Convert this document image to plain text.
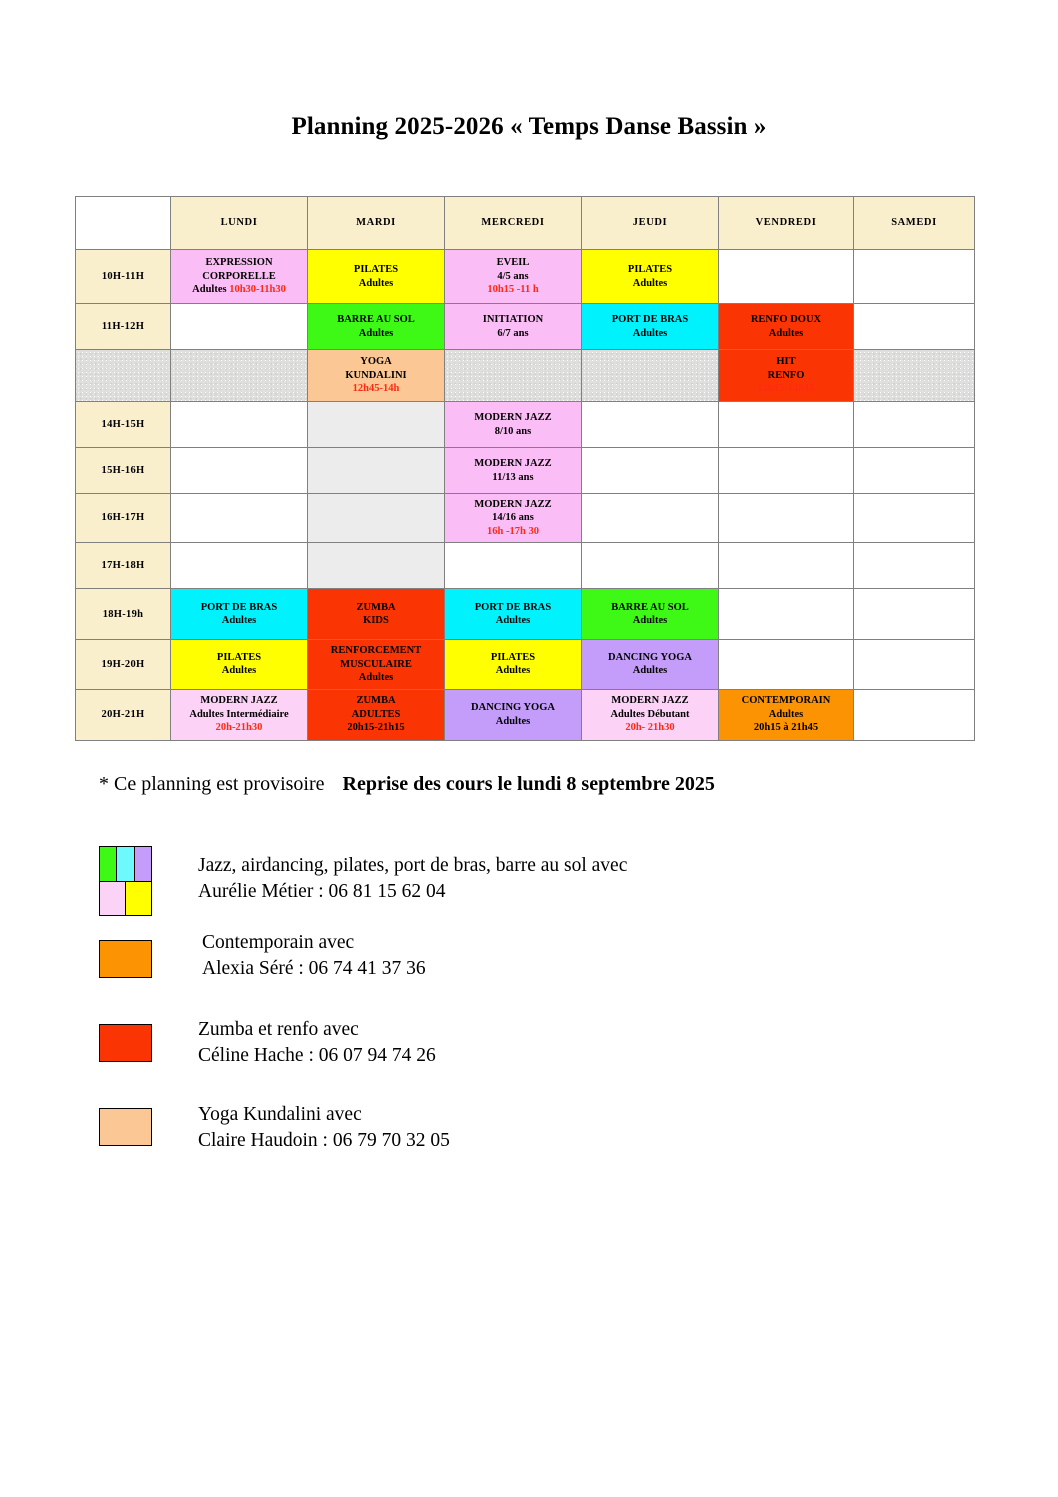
Planning 2025-2026 « Temps Danse Bassin »
	LUNDI	MARDI	MERCREDI	JEUDI	VENDREDI	SAMEDI
10H-11H	EXPRESSION
CORPORELLE
Adultes 10h30-11h30	PILATES
Adultes	EVEIL
4/5 ans
10h15 -11 h	PILATES
Adultes		

11H-12H		BARRE AU SOL
Adultes	INITIATION
6/7 ans	PORT DE BRAS
Adultes	RENFO DOUX
Adultes	

		YOGA
KUNDALINI
12h45-14h			HIT
RENFO
12h15-13h15	

14H-15H			MODERN JAZZ
8/10 ans			

15H-16H			MODERN JAZZ
11/13 ans			

16H-17H			MODERN JAZZ
14/16 ans
16h -17h 30			

17H-18H						
18H-19h	PORT DE BRAS
Adultes	ZUMBA
KIDS	PORT DE BRAS
Adultes	BARRE AU SOL
Adultes		

19H-20H	PILATES
Adultes	RENFORCEMENT
MUSCULAIRE
Adultes	PILATES
Adultes	DANCING YOGA
Adultes		

20H-21H	MODERN JAZZ
Adultes Intermédiaire
20h-21h30	ZUMBA
ADULTES
20h15-21h15	DANCING YOGA
Adultes	MODERN JAZZ
Adultes Débutant
20h- 21h30	CONTEMPORAIN
Adultes
20h15 à 21h45	

* Ce planning est provisoire Reprise des cours le lundi 8 septembre 2025
Jazz, airdancing, pilates, port de bras, barre au sol avec
Aurélie Métier : 06 81 15 62 04
Contemporain avec
Alexia Séré : 06 74 41 37 36
Zumba et renfo avec
Céline Hache : 06 07 94 74 26
Yoga Kundalini avec
Claire Haudoin : 06 79 70 32 05
